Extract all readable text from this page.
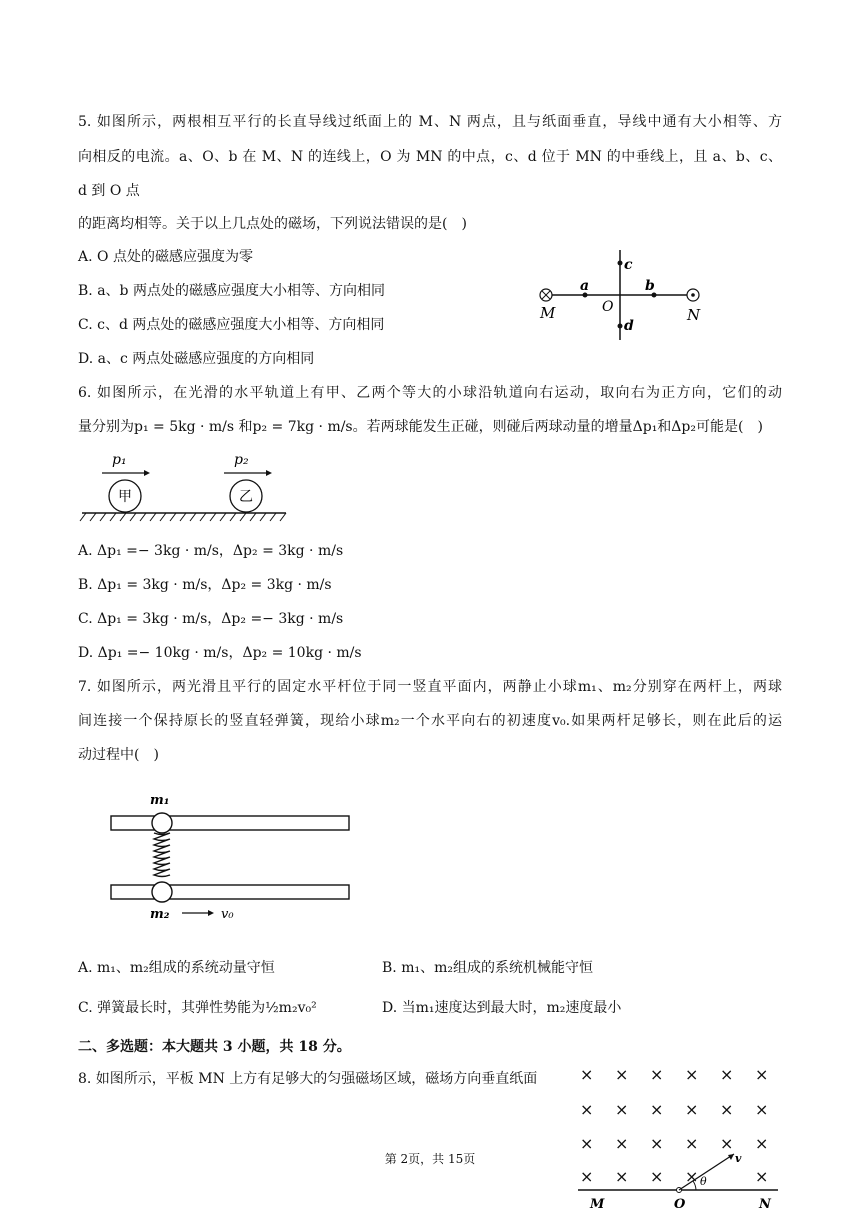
5. 如图所示，两根相互平行的长直导线过纸面上的 M、N 两点，且与纸面垂直，导线中通有大小相等、方
向相反的电流。a、O、b 在 M、N 的连线上，O 为 MN 的中点，c、d 位于 MN 的中垂线上，且 a、b、c、
d 到 O 点
的距离均相等。关于以上几点处的磁场，下列说法错误的是(　)
A. O 点处的磁感应强度为零
B. a、b 两点处的磁感应强度大小相等、方向相同
C. c、d 两点处的磁感应强度大小相等、方向相同
D. a、c 两点处磁感应强度的方向相同
M	N
a	b
O
c
d
6. 如图所示，在光滑的水平轨道上有甲、乙两个等大的小球沿轨道向右运动，取向右为正方向，它们的动
量分别为p₁ = 5kg · m/s 和p₂ = 7kg · m/s。若两球能发生正碰，则碰后两球动量的增量Δp₁和Δp₂可能是(　)
p₁	p₂
甲	乙
A. Δp₁ =− 3kg · m/s，Δp₂ = 3kg · m/s
B. Δp₁ = 3kg · m/s，Δp₂ = 3kg · m/s
C. Δp₁ = 3kg · m/s，Δp₂ =− 3kg · m/s
D. Δp₁ =− 10kg · m/s，Δp₂ = 10kg · m/s
7. 如图所示，两光滑且平行的固定水平杆位于同一竖直平面内，两静止小球m₁、m₂分别穿在两杆上，两球
间连接一个保持原长的竖直轻弹簧，现给小球m₂一个水平向右的初速度v₀.如果两杆足够长，则在此后的运
动过程中(　)
m₁
m₂	v₀
A. m₁、m₂组成的系统动量守恒	B. m₁、m₂组成的系统机械能守恒
C. 弹簧最长时，其弹性势能为½m₂v₀²	D. 当m₁速度达到最大时，m₂速度最小
二、多选题：本大题共 3 小题，共 18 分。
8. 如图所示，平板 MN 上方有足够大的匀强磁场区域，磁场方向垂直纸面	× × × × × ×
× × × × × ×
× × × × × ×
× × × ×	×
θ
v
M	O	N
第 2页，共 15页
